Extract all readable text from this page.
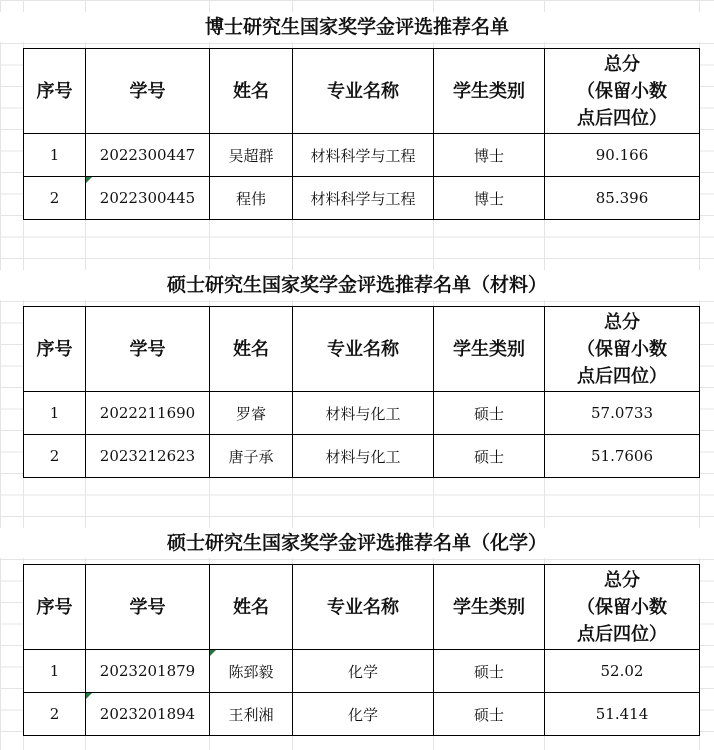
博士研究生国家奖学金评选推荐名单
序号	学号	姓名	专业名称	学生类别	总分
（保留小数
点后四位）

1	2022300447	吴超群	材料科学与工程	博士	90.166
2	2022300445	程伟	材料科学与工程	博士	85.396
硕士研究生国家奖学金评选推荐名单（材料）
序号	学号	姓名	专业名称	学生类别	总分
（保留小数
点后四位）

1	2022211690	罗睿	材料与化工	硕士	57.0733
2	2023212623	唐子承	材料与化工	硕士	51.7606
硕士研究生国家奖学金评选推荐名单（化学）
序号	学号	姓名	专业名称	学生类别	总分
（保留小数
点后四位）

1	2023201879	陈郅毅	化学	硕士	52.02
2	2023201894	王利湘	化学	硕士	51.414
